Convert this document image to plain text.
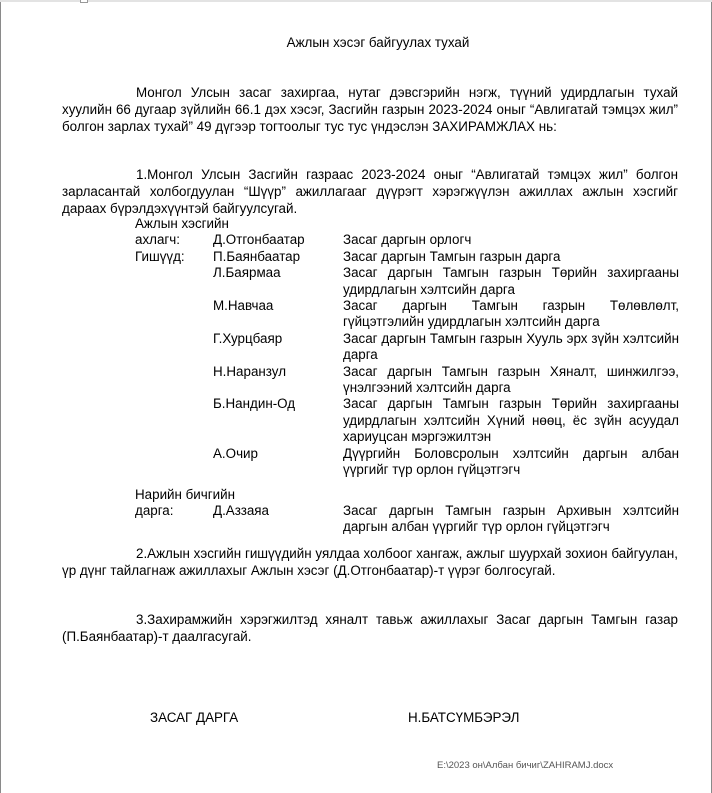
Ажлын хэсэг байгуулах тухай
Монгол Улсын засаг захиргаа, нутаг дэвсгэрийн нэгж, түүний удирдлагын тухай хуулийн 66 дугаар зүйлийн 66.1 дэх хэсэг, Засгийн газрын 2023-2024 оныг “Авлигатай тэмцэх жил” болгон зарлах тухай” 49 дүгээр тогтоолыг тус тус үндэслэн ЗАХИРАМЖЛАХ нь:
1.Монгол Улсын Засгийн газраас 2023-2024 оныг “Авлигатай тэмцэх жил” болгон зарласантай холбогдуулан “Шүүр” ажиллагааг дүүрэгт хэрэгжүүлэн ажиллах ажлын хэсгийг дараах бүрэлдэхүүнтэй байгуулсугай.
Ажлын хэсгийн
ахлагч:	Д.Отгонбаатар	Засаг даргын орлогч
Гишүүд:	П.Баянбаатар	Засаг даргын Тамгын газрын дарга
Л.Баярмаа	Засаг даргын Тамгын газрын Төрийн захиргааны удирдлагын хэлтсийн дарга
М.Навчаа	Засаг даргын Тамгын газрын Төлөвлөлт, гүйцэтгэлийн удирдлагын хэлтсийн дарга
Г.Хурцбаяр	Засаг даргын Тамгын газрын Хууль эрх зүйн хэлтсийн дарга
Н.Наранзул	Засаг даргын Тамгын газрын Хяналт, шинжилгээ, үнэлгээний хэлтсийн дарга
Б.Нандин-Од	Засаг даргын Тамгын газрын Төрийн захиргааны удирдлагын хэлтсийн Хүний нөөц, ёс зүйн асуудал хариуцсан мэргэжилтэн
А.Очир	Дүүргийн Боловсролын хэлтсийн даргын албан үүргийг түр орлон гүйцэтгэгч
Нарийн бичгийн
дарга:	Д.Аззаяа	Засаг даргын Тамгын газрын Архивын хэлтсийн даргын албан үүргийг түр орлон гүйцэтгэгч
2.Ажлын хэсгийн гишүүдийн уялдаа холбоог хангаж, ажлыг шуурхай зохион байгуулан, үр дүнг тайлагнаж ажиллахыг Ажлын хэсэг (Д.Отгонбаатар)-т үүрэг болгосугай.
3.Захирамжийн хэрэгжилтэд хяналт тавьж ажиллахыг Засаг даргын Тамгын газар (П.Баянбаатар)-т даалгасугай.
ЗАСАГ ДАРГА	Н.БАТСҮМБЭРЭЛ
E:\2023 он\Албан бичиг\ZAHIRAMJ.docx
